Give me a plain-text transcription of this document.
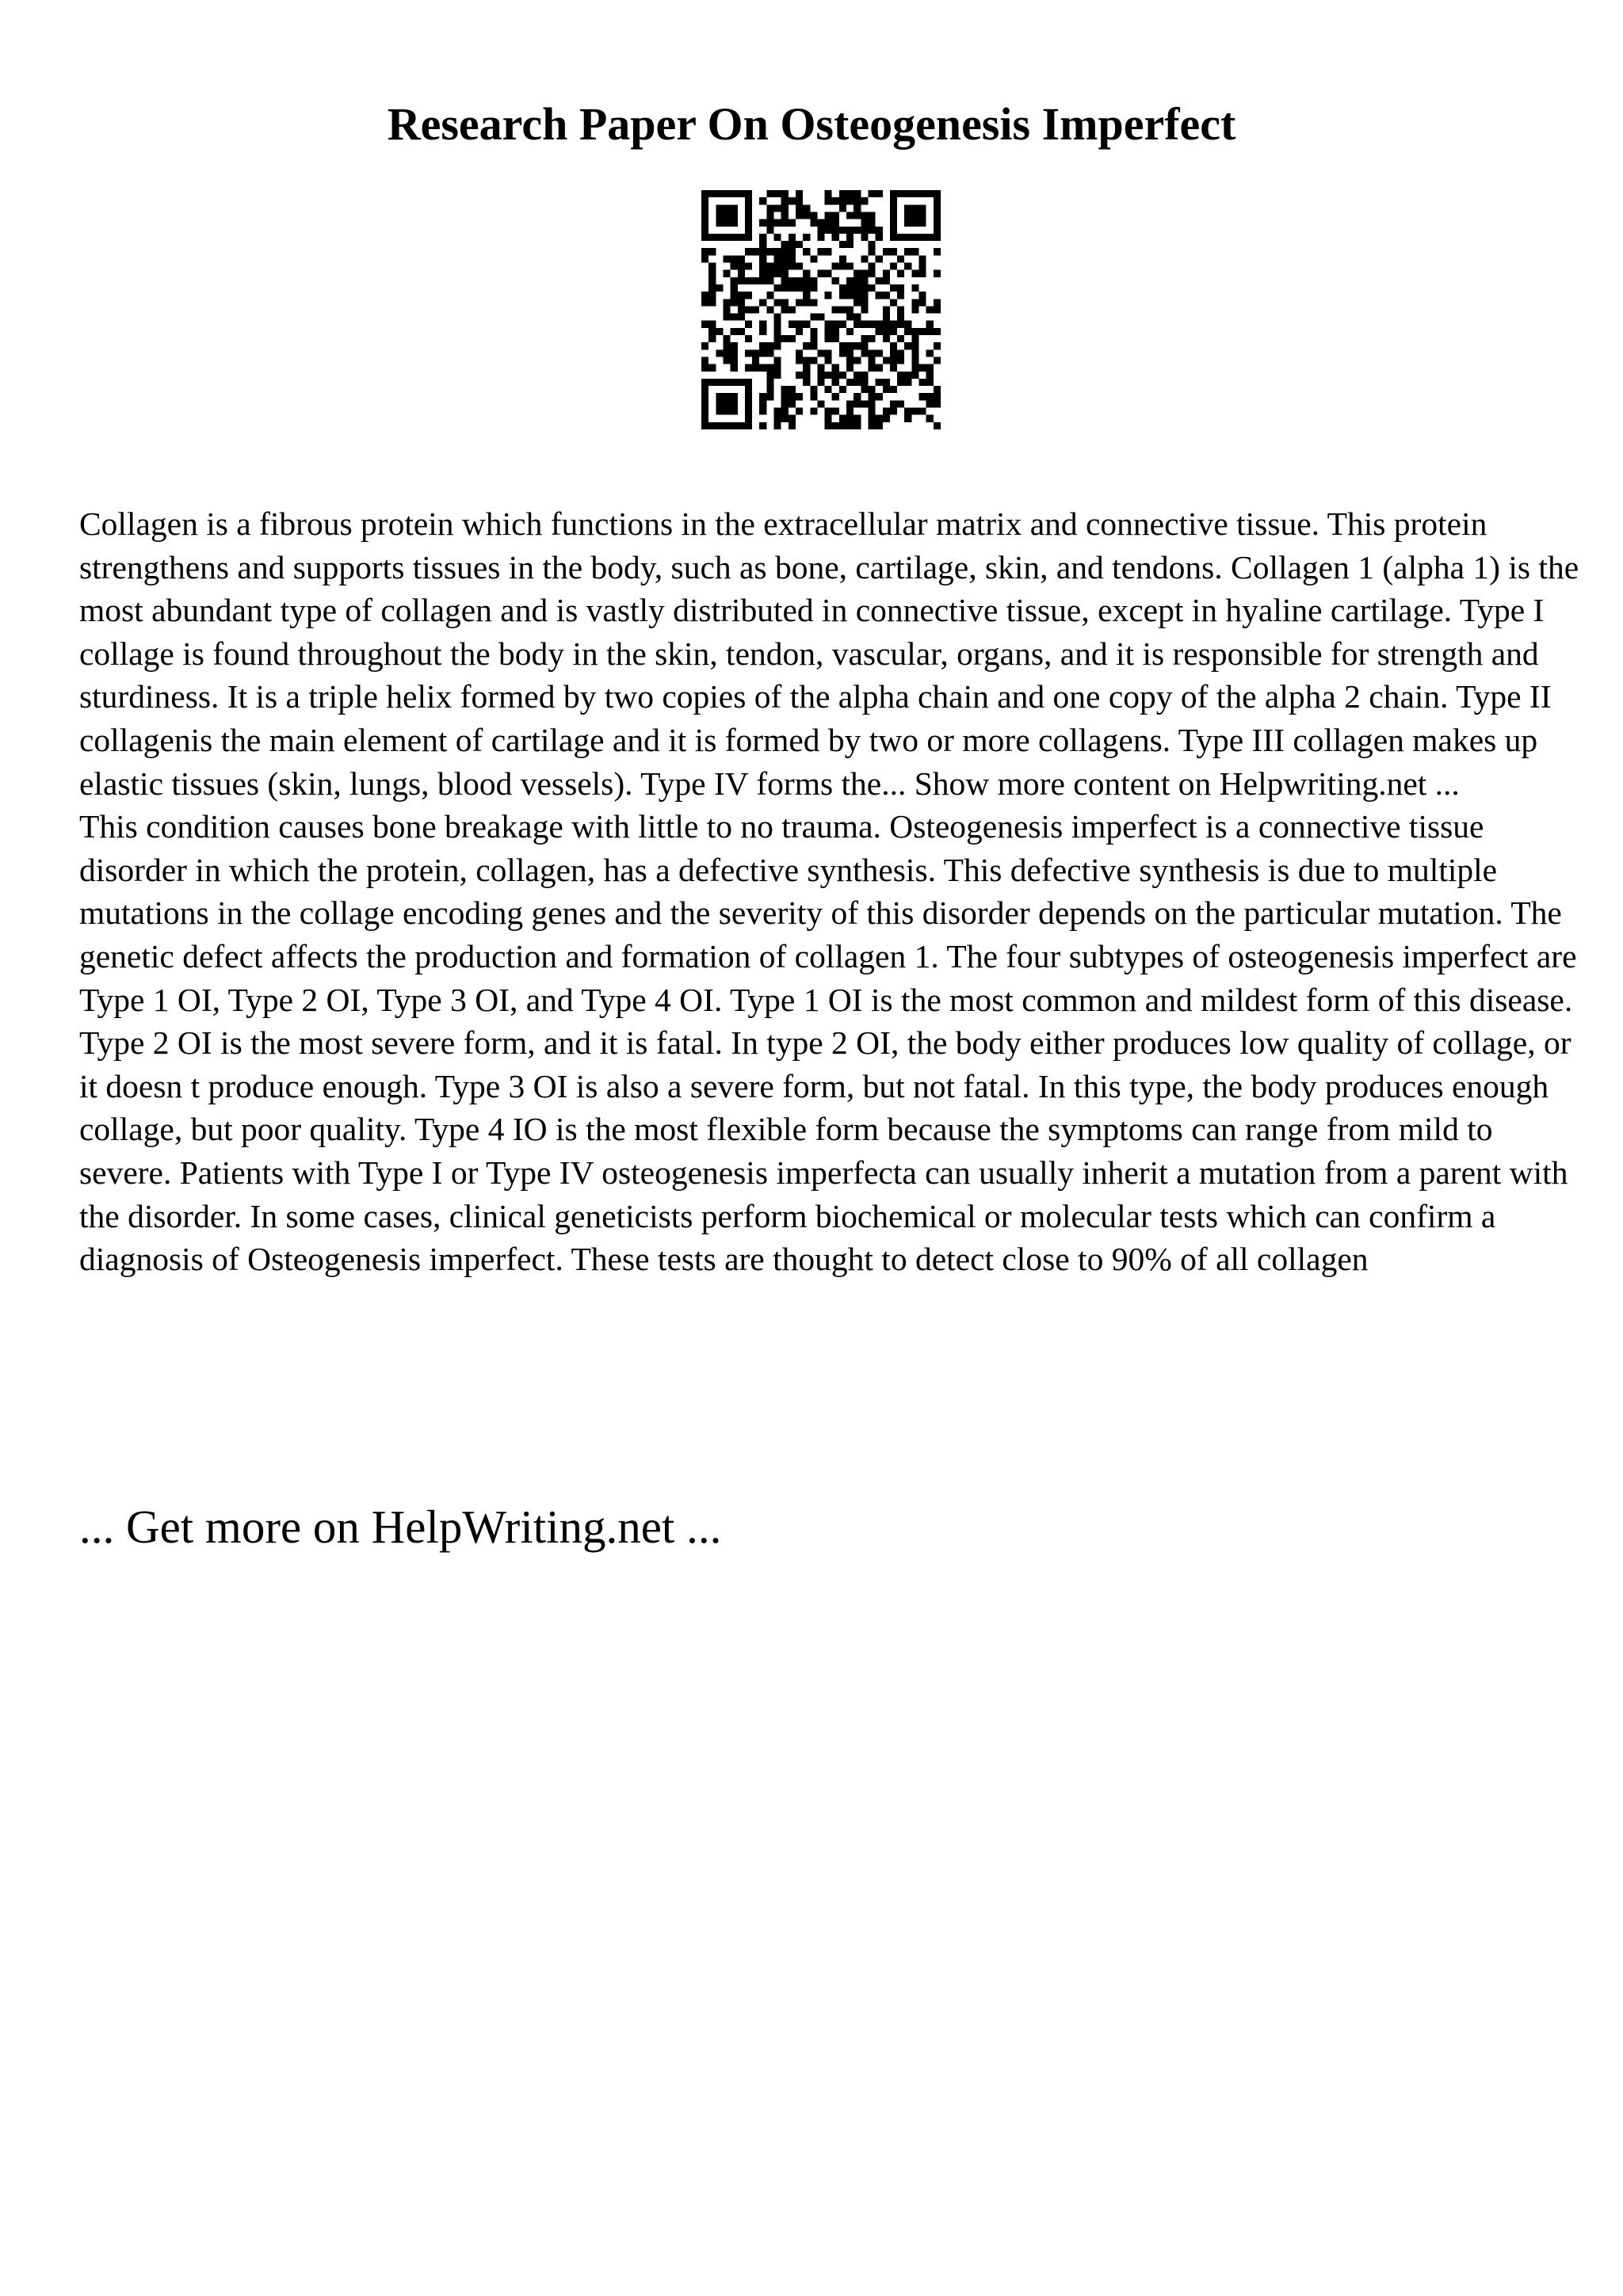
Research Paper On Osteogenesis Imperfect

Collagen is a fibrous protein which functions in the extracellular matrix and connective tissue. This protein strengthens and supports tissues in the body, such as bone, cartilage, skin, and tendons. Collagen 1 (alpha 1) is the most abundant type of collagen and is vastly distributed in connective tissue, except in hyaline cartilage. Type I collage is found throughout the body in the skin, tendon, vascular, organs, and it is responsible for strength and sturdiness. It is a triple helix formed by two copies of the alpha chain and one copy of the alpha 2 chain. Type II collagenis the main element of cartilage and it is formed by two or more collagens. Type III collagen makes up elastic tissues (skin, lungs, blood vessels). Type IV forms the... Show more content on Helpwriting.net ...

This condition causes bone breakage with little to no trauma. Osteogenesis imperfect is a connective tissue disorder in which the protein, collagen, has a defective synthesis. This defective synthesis is due to multiple mutations in the collage encoding genes and the severity of this disorder depends on the particular mutation. The genetic defect affects the production and formation of collagen 1. The four subtypes of osteogenesis imperfect are Type 1 OI, Type 2 OI, Type 3 OI, and Type 4 OI. Type 1 OI is the most common and mildest form of this disease. Type 2 OI is the most severe form, and it is fatal. In type 2 OI, the body either produces low quality of collage, or it doesn t produce enough. Type 3 OI is also a severe form, but not fatal. In this type, the body produces enough collage, but poor quality. Type 4 IO is the most flexible form because the symptoms can range from mild to severe. Patients with Type I or Type IV osteogenesis imperfecta can usually inherit a mutation from a parent with the disorder. In some cases, clinical geneticists perform biochemical or molecular tests which can confirm a diagnosis of Osteogenesis imperfect. These tests are thought to detect close to 90% of all collagen

... Get more on HelpWriting.net ...
